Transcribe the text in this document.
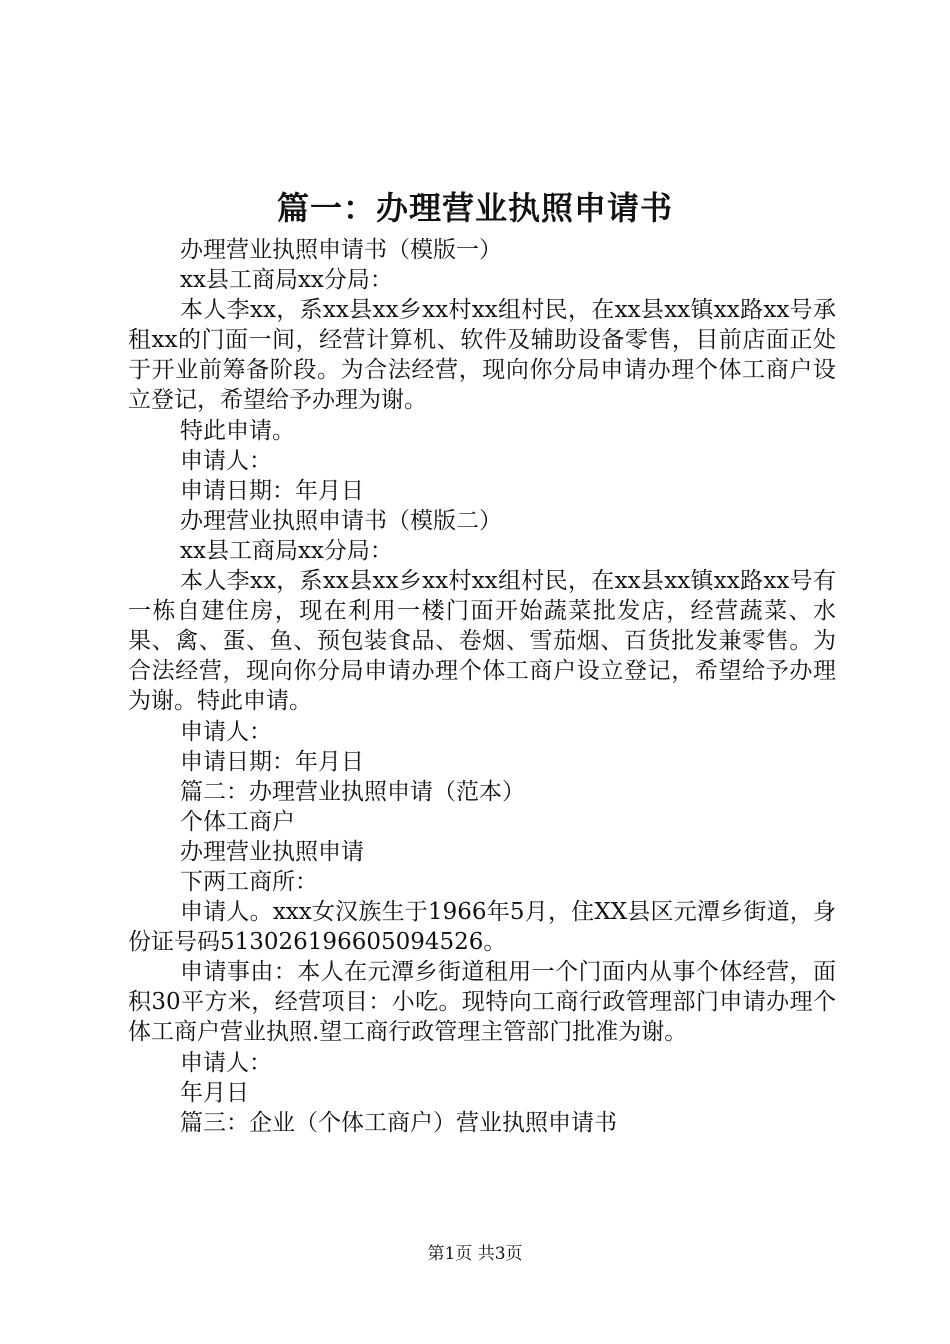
篇一：办理营业执照申请书

办理营业执照申请书（模版一）

xx县工商局xx分局：

本人李xx，系xx县xx乡xx村xx组村民，在xx县xx镇xx路xx号承租xx的门面一间，经营计算机、软件及辅助设备零售，目前店面正处于开业前筹备阶段。为合法经营，现向你分局申请办理个体工商户设立登记，希望给予办理为谢。

特此申请。

申请人：

申请日期：年月日

办理营业执照申请书（模版二）

xx县工商局xx分局：

本人李xx，系xx县xx乡xx村xx组村民，在xx县xx镇xx路xx号有一栋自建住房，现在利用一楼门面开始蔬菜批发店，经营蔬菜、水果、禽、蛋、鱼、预包装食品、卷烟、雪茄烟、百货批发兼零售。为合法经营，现向你分局申请办理个体工商户设立登记，希望给予办理为谢。特此申请。

申请人：

申请日期：年月日

篇二：办理营业执照申请（范本）

个体工商户

办理营业执照申请

下两工商所：

申请人。xxx女汉族生于1966年5月，住XX县区元潭乡街道，身份证号码513026196605094526。

申请事由：本人在元潭乡街道租用一个门面内从事个体经营，面积30平方米，经营项目：小吃。现特向工商行政管理部门申请办理个体工商户营业执照.望工商行政管理主管部门批准为谢。

申请人：

年月日

篇三：企业（个体工商户）营业执照申请书

第1页 共3页
